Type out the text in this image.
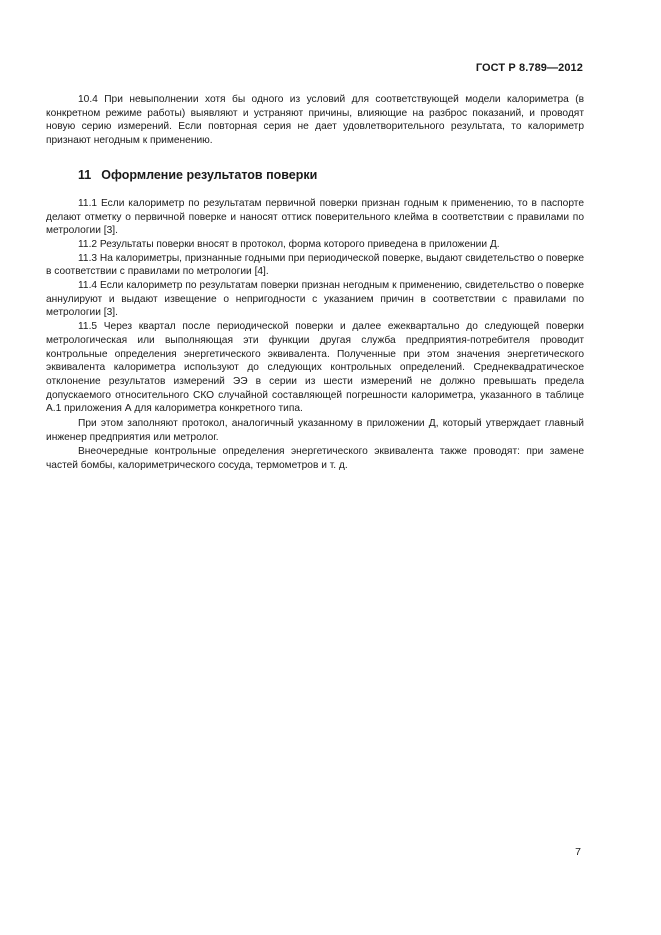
ГОСТ Р 8.789—2012

10.4 При невыполнении хотя бы одного из условий для соответствующей модели калориметра (в конкретном режиме работы) выявляют и устраняют причины, влияющие на разброс показаний, и проводят новую серию измерений. Если повторная серия не дает удовлетворительного результата, то калориметр признают негодным к применению.

11 Оформление результатов поверки

11.1 Если калориметр по результатам первичной поверки признан годным к применению, то в паспорте делают отметку о первичной поверке и наносят оттиск поверительного клейма в соответствии с правилами по метрологии [3].

11.2 Результаты поверки вносят в протокол, форма которого приведена в приложении Д.

11.3 На калориметры, признанные годными при периодической поверке, выдают свидетельство о поверке в соответствии с правилами по метрологии [4].

11.4 Если калориметр по результатам поверки признан негодным к применению, свидетельство о поверке аннулируют и выдают извещение о непригодности с указанием причин в соответствии с правилами по метрологии [3].

11.5 Через квартал после периодической поверки и далее ежеквартально до следующей поверки метрологическая или выполняющая эти функции другая служба предприятия-потребителя проводит контрольные определения энергетического эквивалента. Полученные при этом значения энергетического эквивалента калориметра используют до следующих контрольных определений. Среднеквадратическое отклонение результатов измерений ЭЭ в серии из шести измерений не должно превышать предела допускаемого относительного СКО случайной составляющей погрешности калориметра, указанного в таблице А.1 приложения А для калориметра конкретного типа.

При этом заполняют протокол, аналогичный указанному в приложении Д, который утверждает главный инженер предприятия или метролог.

Внеочередные контрольные определения энергетического эквивалента также проводят: при замене частей бомбы, калориметрического сосуда, термометров и т. д.

7
